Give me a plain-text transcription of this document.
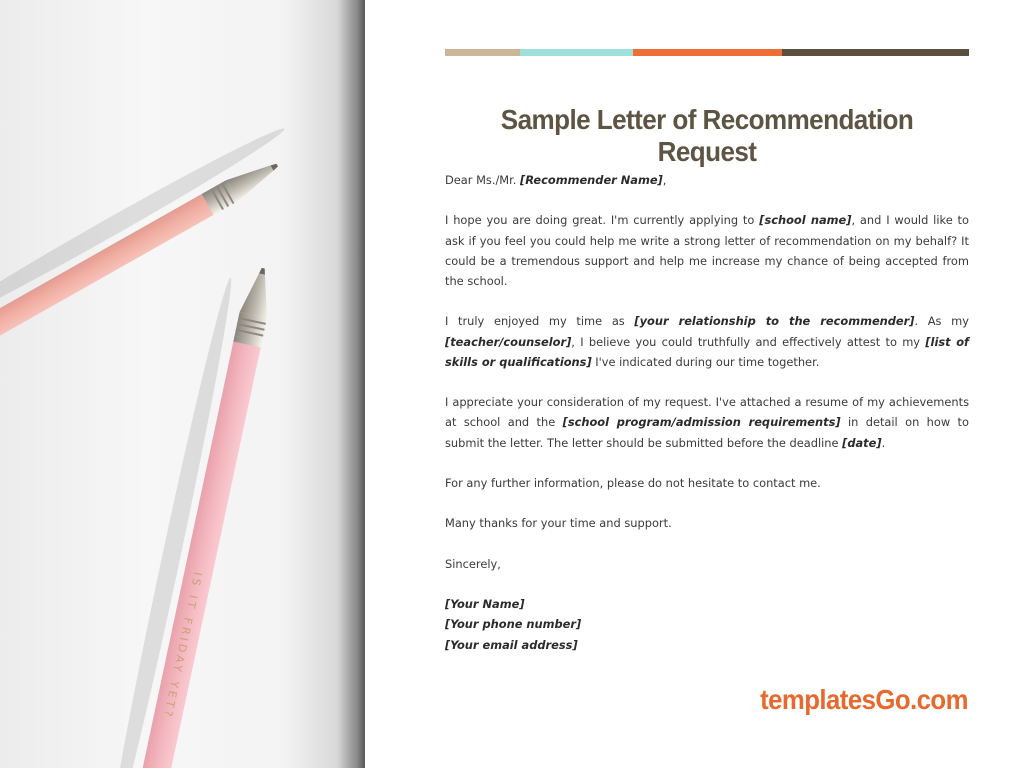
IS IT FRIDAY YET?
Sample Letter of Recommendation Request

Dear Ms./Mr. [Recommender Name],

I hope you are doing great. I'm currently applying to [school name], and I would like to ask if you feel you could help me write a strong letter of recommendation on my behalf? It could be a tremendous support and help me increase my chance of being accepted from the school.

I truly enjoyed my time as [your relationship to the recommender]. As my [teacher/counselor], I believe you could truthfully and effectively attest to my [list of skills or qualifications] I've indicated during our time together.

I appreciate your consideration of my request. I've attached a resume of my achievements at school and the [school program/admission requirements] in detail on how to submit the letter. The letter should be submitted before the deadline [date].

For any further information, please do not hesitate to contact me.

Many thanks for your time and support.

Sincerely,

[Your Name]
[Your phone number]
[Your email address]

templatesGo.com
